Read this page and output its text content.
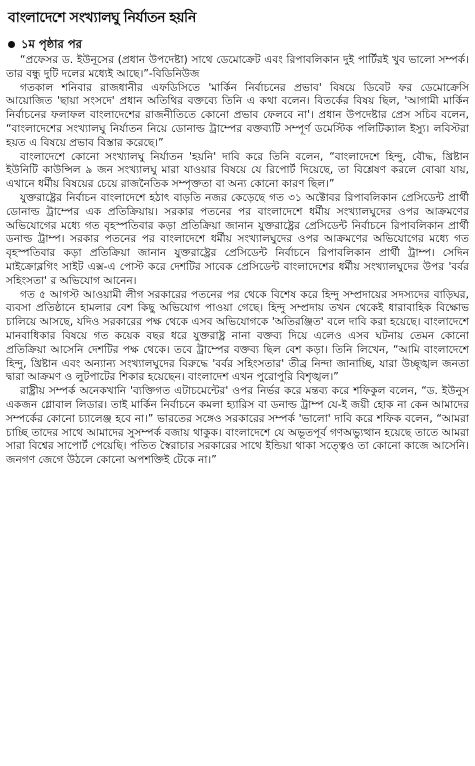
বাংলাদেশে সংখ্যালঘু নির্যাতন হয়নি
১ম পৃষ্ঠার পর

“প্রফেসর ড. ইউনূসের (প্রধান উপদেষ্টা) সাথে ডেমোক্রেট এবং রিপাবলিকান দুই পার্টিরই খুব ভালো সম্পর্ক। তার বন্ধু দুটি দলের মধ্যেই আছে।”-বিডিনিউজ

গতকাল শনিবার রাজধানীর এফডিসিতে 'মার্কিন নির্বাচনের প্রভাব' বিষয়ে ডিবেট ফর ডেমোক্রেসি আয়োজিত 'ছায়া সংসদে' প্রধান অতিথির বক্তব্যে তিনি এ কথা বলেন। বিতর্কের বিষয় ছিল, 'আগামী মার্কিন নির্বাচনের ফলাফল বাংলাদেশের রাজনীতিতে কোনো প্রভাব ফেলবে না'। প্রধান উপদেষ্টার প্রেস সচিব বলেন, “বাংলাদেশের সংখ্যালঘু নির্যাতন নিয়ে ডোনাল্ড ট্রাম্পের বক্তব্যটি সম্পূর্ণ ডমেস্টিক পলিটিক্যাল ইস্যু। লবিস্টরা হয়ত এ বিষয়ে প্রভাব বিস্তার করেছে।”

বাংলাদেশে কোনো সংখ্যালঘু নির্যাতন 'হয়নি' দাবি করে তিনি বলেন, “বাংলাদেশে হিন্দু, বৌদ্ধ, খ্রিষ্টান ইউনিটি কাউন্সিল ৯ জন সংখ্যালঘু মারা যাওয়ার বিষয়ে যে রিপোর্ট দিয়েছে, তা বিশ্লেষণ করলে বোঝা যায়, এখানে ধর্মীয় বিষয়ের চেয়ে রাজনৈতিক সম্পৃক্ততা বা অন্য কোনো কারণ ছিল।”

যুক্তরাষ্ট্রের নির্বাচন বাংলাদেশে হঠাৎ বাড়তি নজর কেড়েছে গত ৩১ অক্টোবর রিপাবলিকান প্রেসিডেন্ট প্রার্থী ডোনাল্ড ট্রাম্পের এক প্রতিক্রিয়ায়। সরকার পতনের পর বাংলাদেশে ধর্মীয় সংখ্যালঘুদের ওপর আক্রমণের অভিযোগের মধ্যে গত বৃহস্পতিবার কড়া প্রতিক্রিয়া জানান যুক্তরাষ্ট্রের প্রেসিডেন্ট নির্বাচনে রিপাবলিকান প্রার্থী ডনাল্ড ট্রাম্প। সরকার পতনের পর বাংলাদেশে ধর্মীয় সংখ্যালঘুদের ওপর আক্রমণের অভিযোগের মধ্যে গত বৃহস্পতিবার কড়া প্রতিক্রিয়া জানান যুক্তরাষ্ট্রের প্রেসিডেন্ট নির্বাচনে রিপাবলিকান প্রার্থী ট্রাম্প। সেদিন মাইক্রোব্লগিং সাইট এক্স-এ পোস্ট করে দেশটির সাবেক প্রেসিডেন্ট বাংলাদেশের ধর্মীয় সংখ্যালঘুদের উপর 'বর্বর সহিংসতা' র অভিযোগ আনেন।

গত ৫ আগস্ট আওয়ামী লীগ সরকারের পতনের পর থেকে বিশেষ করে হিন্দু সম্প্রদায়ের সদস্যদের বাড়িঘর, ব্যবসা প্রতিষ্ঠানে হামলার বেশ কিছু অভিযোগ পাওয়া গেছে। হিন্দু সম্প্রদায় তখন থেকেই ধারাবাহিক বিক্ষোভ চালিয়ে আসছে, যদিও সরকারের পক্ষ থেকে এসব অভিযোগকে 'অতিরঞ্জিত' বলে দাবি করা হয়েছে। বাংলাদেশে মানবাধিকার বিষয়ে গত কয়েক বছর ধরে যুক্তরাষ্ট্র নানা বক্তব্য দিয়ে এলেও এসব ঘটনায় তেমন কোনো প্রতিক্রিয়া আসেনি দেশটির পক্ষ থেকে। তবে ট্রাম্পের বক্তব্য ছিল বেশ কড়া। তিনি লিখেন, “আমি বাংলাদেশে হিন্দু, খ্রিষ্টান এবং অন্যান্য সংখ্যালঘুদের বিরুদ্ধে 'বর্বর সহিংসতার' তীব্র নিন্দা জানাচ্ছি, যারা উচ্ছৃঙ্খল জনতা দ্বারা আক্রমণ ও লুটপাটের শিকার হয়েছেন। বাংলাদেশ এখন পুরোপুরি বিশৃঙ্খল।”

রাষ্ট্রীয় সম্পর্ক অনেকখানি 'ব্যক্তিগত এটাচমেন্টের' ওপর নির্ভর করে মন্তব্য করে শফিকুল বলেন, “ড. ইউনুস একজন গ্লোবাল লিডার। তাই মার্কিন নির্বাচনে কমলা হ্যারিস বা ডনাল্ড ট্রাম্প যে-ই জয়ী হোক না কেন আমাদের সম্পর্কের কোনো চ্যালেঞ্জ হবে না।” ভারতের সঙ্গেও সরকারের সম্পর্ক 'ভালো' দাবি করে শফিক বলেন, “আমরা চাচ্ছি তাদের সাথে আমাদের সুসম্পর্ক বজায় থাকুক। বাংলাদেশে যে অভূতপূর্ব গণঅভ্যুত্থান হয়েছে তাতে আমরা সারা বিশ্বের সাপোর্ট পেয়েছি। পতিত স্বৈরাচার সরকারের সাথে ইন্ডিয়া থাকা সত্ত্বেও তা কোনো কাজে আসেনি। জনগণ জেগে উঠলে কোনো অপশক্তিই টেকে না।”
